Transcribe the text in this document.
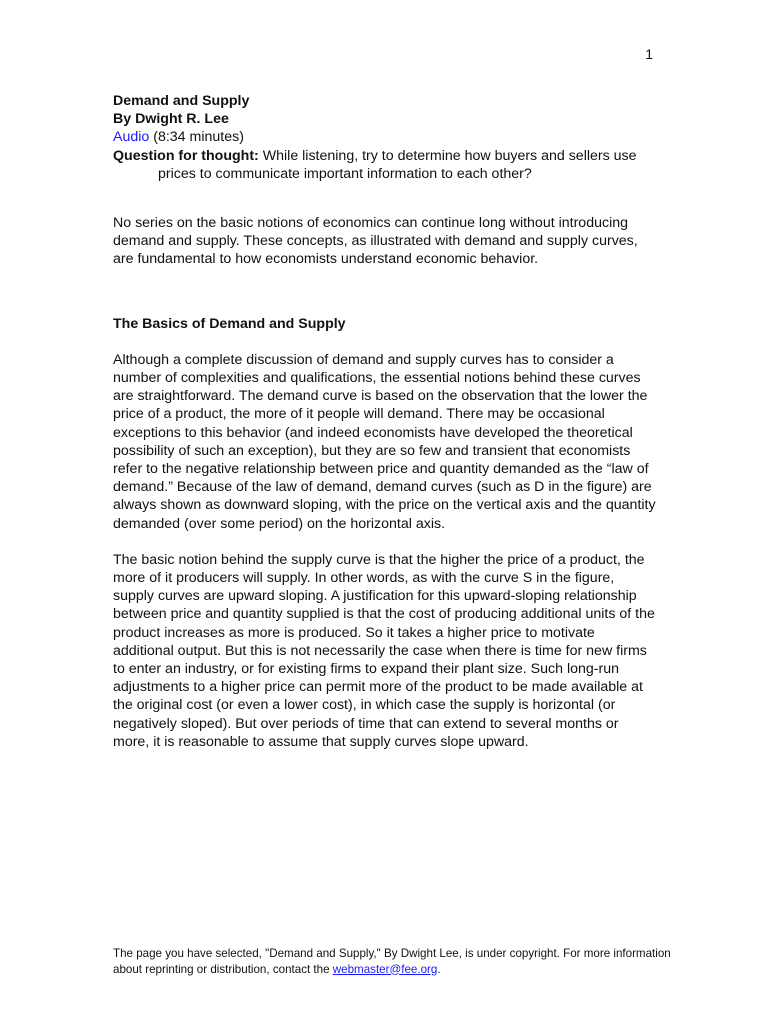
1
Demand and Supply
By Dwight R. Lee
Audio (8:34 minutes)

Question for thought: While listening, try to determine how buyers and sellers use prices to communicate important information to each other?

No series on the basic notions of economics can continue long without introducing demand and supply. These concepts, as illustrated with demand and supply curves, are fundamental to how economists understand economic behavior.

The Basics of Demand and Supply

Although a complete discussion of demand and supply curves has to consider a number of complexities and qualifications, the essential notions behind these curves are straightforward. The demand curve is based on the observation that the lower the price of a product, the more of it people will demand. There may be occasional exceptions to this behavior (and indeed economists have developed the theoretical possibility of such an exception), but they are so few and transient that economists refer to the negative relationship between price and quantity demanded as the “law of demand.” Because of the law of demand, demand curves (such as D in the figure) are always shown as downward sloping, with the price on the vertical axis and the quantity demanded (over some period) on the horizontal axis.

The basic notion behind the supply curve is that the higher the price of a product, the more of it producers will supply. In other words, as with the curve S in the figure, supply curves are upward sloping. A justification for this upward-sloping relationship between price and quantity supplied is that the cost of producing additional units of the product increases as more is produced. So it takes a higher price to motivate additional output. But this is not necessarily the case when there is time for new firms to enter an industry, or for existing firms to expand their plant size. Such long-run adjustments to a higher price can permit more of the product to be made available at the original cost (or even a lower cost), in which case the supply is horizontal (or negatively sloped). But over periods of time that can extend to several months or more, it is reasonable to assume that supply curves slope upward.

The page you have selected, "Demand and Supply," By Dwight Lee, is under copyright. For more information about reprinting or distribution, contact the webmaster@fee.org.
